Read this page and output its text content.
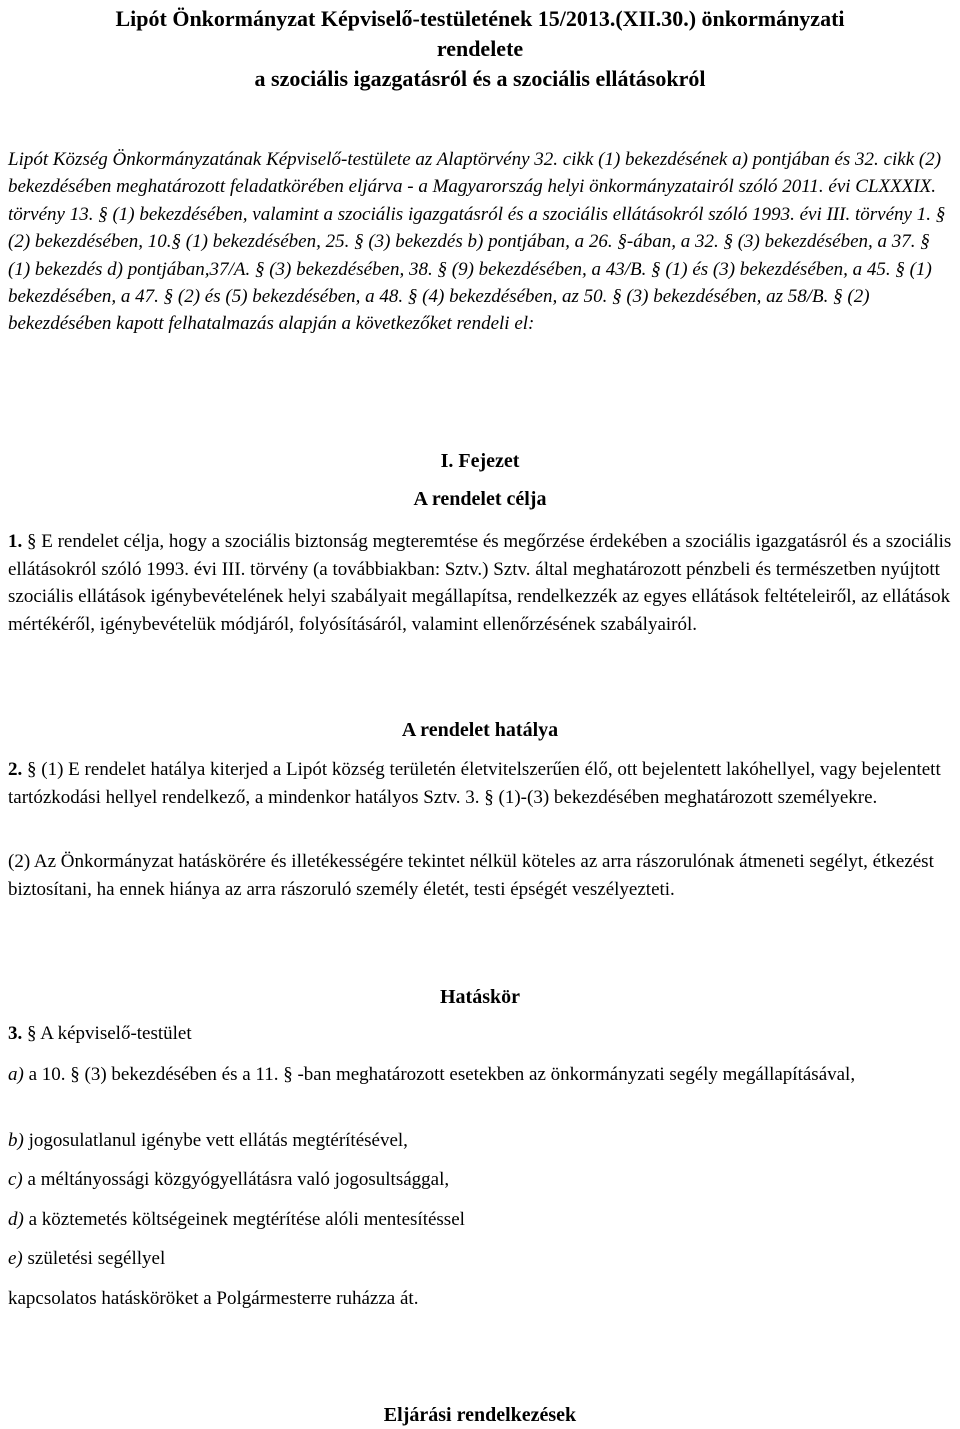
Lipót Önkormányzat Képviselő-testületének 15/2013.(XII.30.) önkormányzati
rendelete
a szociális igazgatásról és a szociális ellátásokról

Lipót Község Önkormányzatának Képviselő-testülete az Alaptörvény 32. cikk (1) bekezdésének a) pontjában és 32. cikk (2) bekezdésében meghatározott feladatkörében eljárva - a Magyarország helyi önkormányzatairól szóló 2011. évi CLXXXIX. törvény 13. § (1) bekezdésében, valamint a szociális igazgatásról és a szociális ellátásokról szóló 1993. évi III. törvény 1. § (2) bekezdésében, 10.§ (1) bekezdésében, 25. § (3) bekezdés b) pontjában, a 26. §-ában, a 32. § (3) bekezdésében, a 37. § (1) bekezdés d) pontjában,37/A. § (3) bekezdésében, 38. § (9) bekezdésében, a 43/B. § (1) és (3) bekezdésében, a 45. § (1) bekezdésében, a 47. § (2) és (5) bekezdésében, a 48. § (4) bekezdésében, az 50. § (3) bekezdésében, az 58/B. § (2) bekezdésében kapott felhatalmazás alapján a következőket rendeli el:

I. Fejezet
A rendelet célja

1. § E rendelet célja, hogy a szociális biztonság megteremtése és megőrzése érdekében a szociális igazgatásról és a szociális ellátásokról szóló 1993. évi III. törvény (a továbbiakban: Sztv.) Sztv. által meghatározott pénzbeli és természetben nyújtott szociális ellátások igénybevételének helyi szabályait megállapítsa, rendelkezzék az egyes ellátások feltételeiről, az ellátások mértékéről, igénybevételük módjáról, folyósításáról, valamint ellenőrzésének szabályairól.

A rendelet hatálya

2. § (1) E rendelet hatálya kiterjed a Lipót község területén életvitelszerűen élő, ott bejelentett lakóhellyel, vagy bejelentett tartózkodási hellyel rendelkező, a mindenkor hatályos Sztv. 3. § (1)-(3) bekezdésében meghatározott személyekre.

(2) Az Önkormányzat hatáskörére és illetékességére tekintet nélkül köteles az arra rászorulónak átmeneti segélyt, étkezést biztosítani, ha ennek hiánya az arra rászoruló személy életét, testi épségét veszélyezteti.

Hatáskör

3. § A képviselő-testület

a) a 10. § (3) bekezdésében és a 11. § -ban meghatározott esetekben az önkormányzati segély megállapításával,

b) jogosulatlanul igénybe vett ellátás megtérítésével,

c) a méltányossági közgyógyellátásra való jogosultsággal,

d) a köztemetés költségeinek megtérítése alóli mentesítéssel

e) születési segéllyel

kapcsolatos hatásköröket a Polgármesterre ruházza át.

Eljárási rendelkezések
